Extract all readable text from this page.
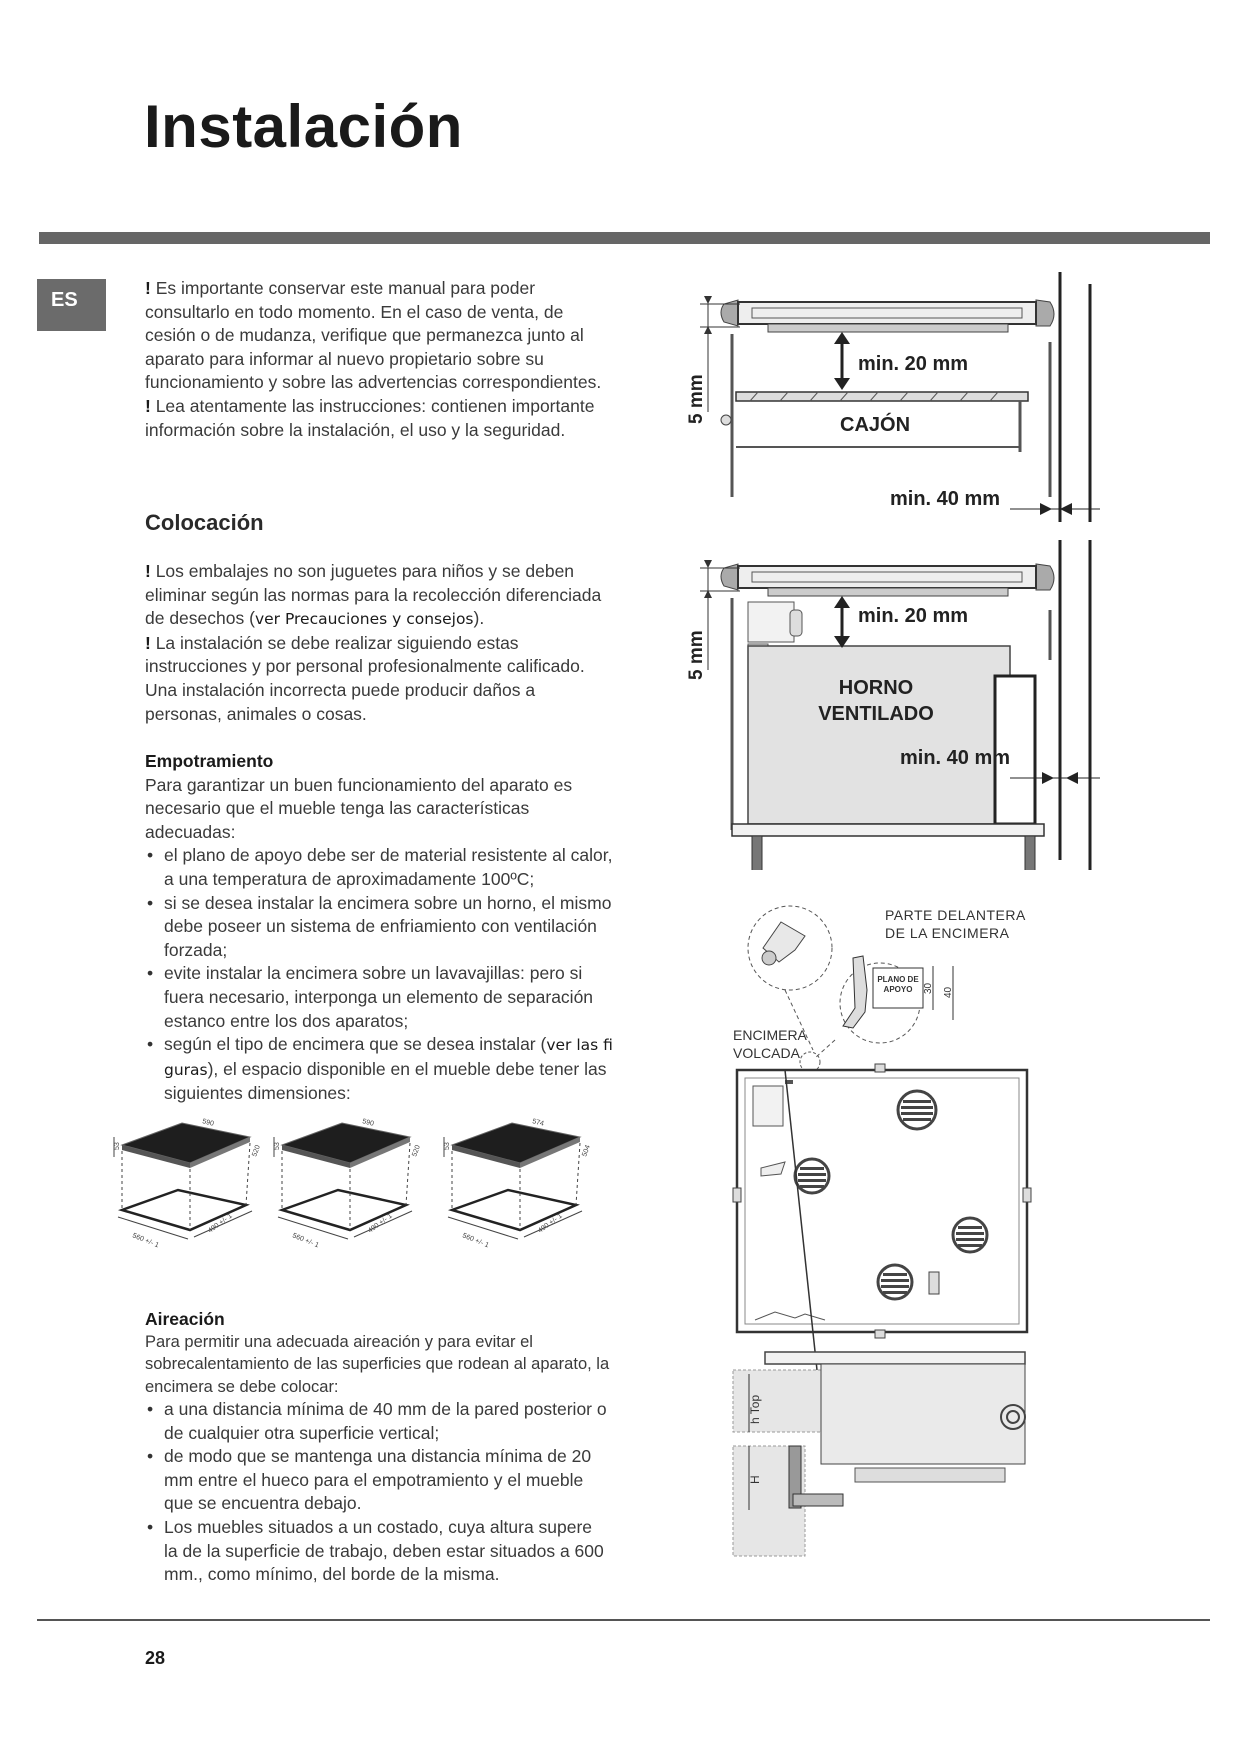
Instalación
ES

! Es importante conservar este manual para poder consultarlo en todo momento. En el caso de venta, de cesión o de mudanza, verifique que permanezca junto al aparato para informar al nuevo propietario sobre su funcionamiento y sobre las advertencias correspondientes.

! Lea atentamente las instrucciones: contienen importante información sobre la instalación, el uso y la seguridad.

Colocación

! Los embalajes no son juguetes para niños y se deben eliminar según las normas para la recolección diferenciada de desechos (ver Precauciones y consejos).

! La instalación se debe realizar siguiendo estas instrucciones y por personal profesionalmente calificado. Una instalación incorrecta puede producir daños a personas, animales o cosas.

Empotramiento

Para garantizar un buen funcionamiento del aparato es necesario que el mueble tenga las características adecuadas:

• el plano de apoyo debe ser de material resistente al calor, a una temperatura de aproximadamente 100ºC;
• si se desea instalar la encimera sobre un horno, el mismo debe poseer un sistema de enfriamiento con ventilación forzada;
• evite instalar la encimera sobre un lavavajillas: pero si fuera necesario, interponga un elemento de separación estanco entre los dos aparatos;
• según el tipo de encimera que se desea instalar (ver las fi guras), el espacio disponible en el mueble debe tener las siguientes dimensiones:
53
590
520
560 +/- 1
490 +/- 1
53
590
520
560 +/- 1
490 +/- 1
53
574
504
560 +/- 1
490 +/- 1
Aireación

Para permitir una adecuada aireación y para evitar el sobrecalentamiento de las superficies que rodean al aparato, la encimera se debe colocar:

• a una distancia mínima de 40 mm de la pared posterior o de cualquier otra superficie vertical;
• de modo que se mantenga una distancia mínima de 20 mm entre el hueco para el empotramiento y el mueble que se encuentra debajo.
• Los muebles situados a un costado, cuya altura supere la de la superficie de trabajo, deben estar situados a 600 mm., como mínimo, del borde de la misma.
5 mm
min. 20 mm
CAJÓN
min. 40 mm
5 mm
min. 20 mm
HORNO
VENTILADO
min. 40 mm
PARTE DELANTERA
DE LA ENCIMERA
PLANO DE
APOYO 30 40
ENCIMERA
VOLCADA
h Top
H
28
